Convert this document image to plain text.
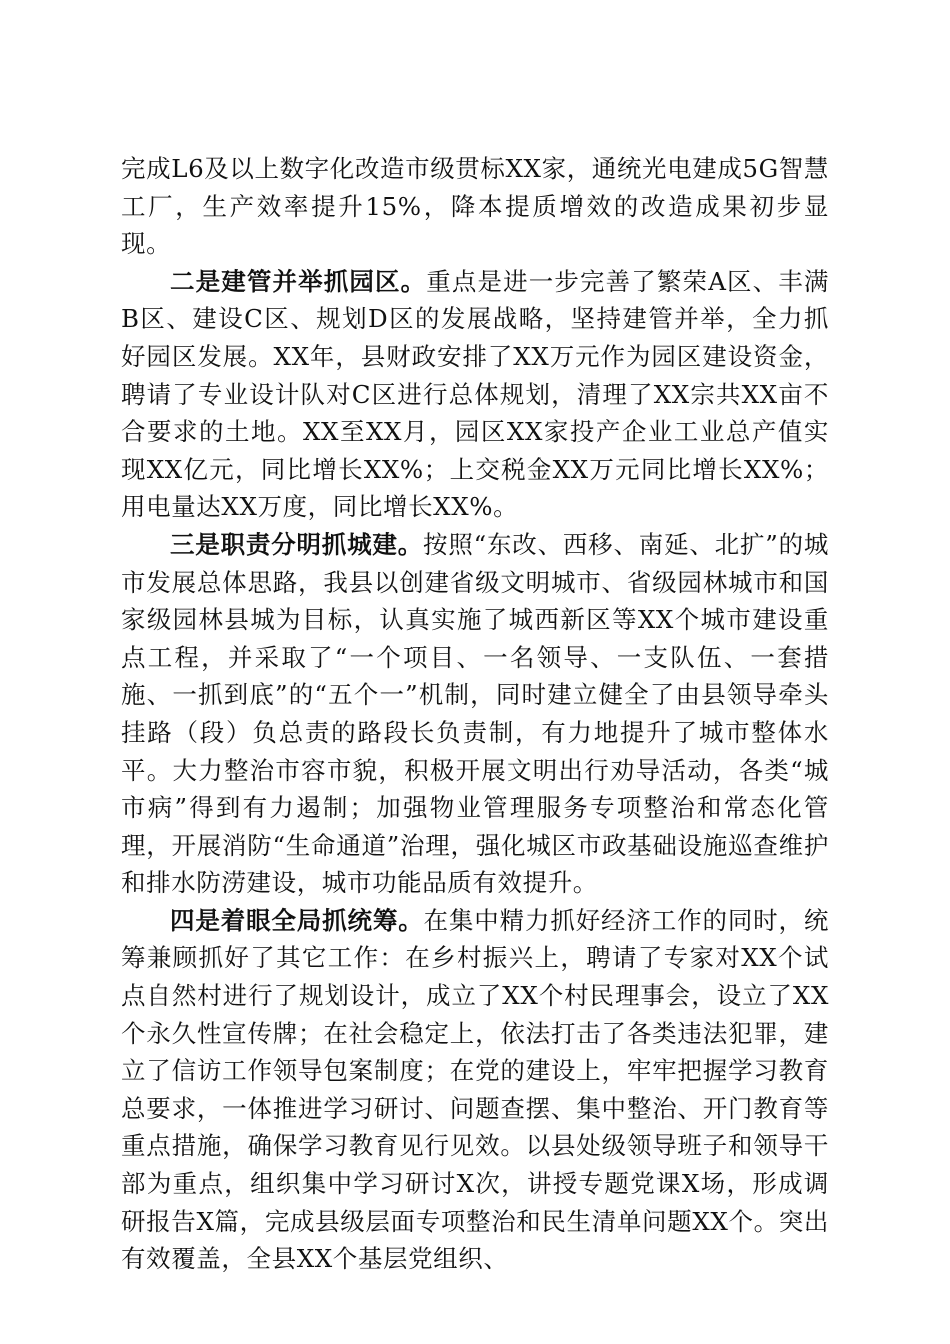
完成L6及以上数字化改造市级贯标XX家，通统光电建成5G智慧工厂，生产效率提升15%，降本提质增效的改造成果初步显现。

二是建管并举抓园区。重点是进一步完善了繁荣A区、丰满B区、建设C区、规划D区的发展战略，坚持建管并举，全力抓好园区发展。XX年，县财政安排了XX万元作为园区建设资金，聘请了专业设计队对C区进行总体规划，清理了XX宗共XX亩不合要求的土地。XX至XX月，园区XX家投产企业工业总产值实现XX亿元，同比增长XX%；上交税金XX万元同比增长XX%；用电量达XX万度，同比增长XX%。

三是职责分明抓城建。按照“东改、西移、南延、北扩”的城市发展总体思路，我县以创建省级文明城市、省级园林城市和国家级园林县城为目标，认真实施了城西新区等XX个城市建设重点工程，并采取了“一个项目、一名领导、一支队伍、一套措施、一抓到底”的“五个一”机制，同时建立健全了由县领导牵头挂路（段）负总责的路段长负责制，有力地提升了城市整体水平。大力整治市容市貌，积极开展文明出行劝导活动，各类“城市病”得到有力遏制；加强物业管理服务专项整治和常态化管理，开展消防“生命通道”治理，强化城区市政基础设施巡查维护和排水防涝建设，城市功能品质有效提升。

四是着眼全局抓统筹。在集中精力抓好经济工作的同时，统筹兼顾抓好了其它工作：在乡村振兴上，聘请了专家对XX个试点自然村进行了规划设计，成立了XX个村民理事会，设立了XX个永久性宣传牌；在社会稳定上，依法打击了各类违法犯罪，建立了信访工作领导包案制度；在党的建设上，牢牢把握学习教育总要求，一体推进学习研讨、问题查摆、集中整治、开门教育等重点措施，确保学习教育见行见效。以县处级领导班子和领导干部为重点，组织集中学习研讨X次，讲授专题党课X场，形成调研报告X篇，完成县级层面专项整治和民生清单问题XX个。突出有效覆盖，全县XX个基层党组织、
